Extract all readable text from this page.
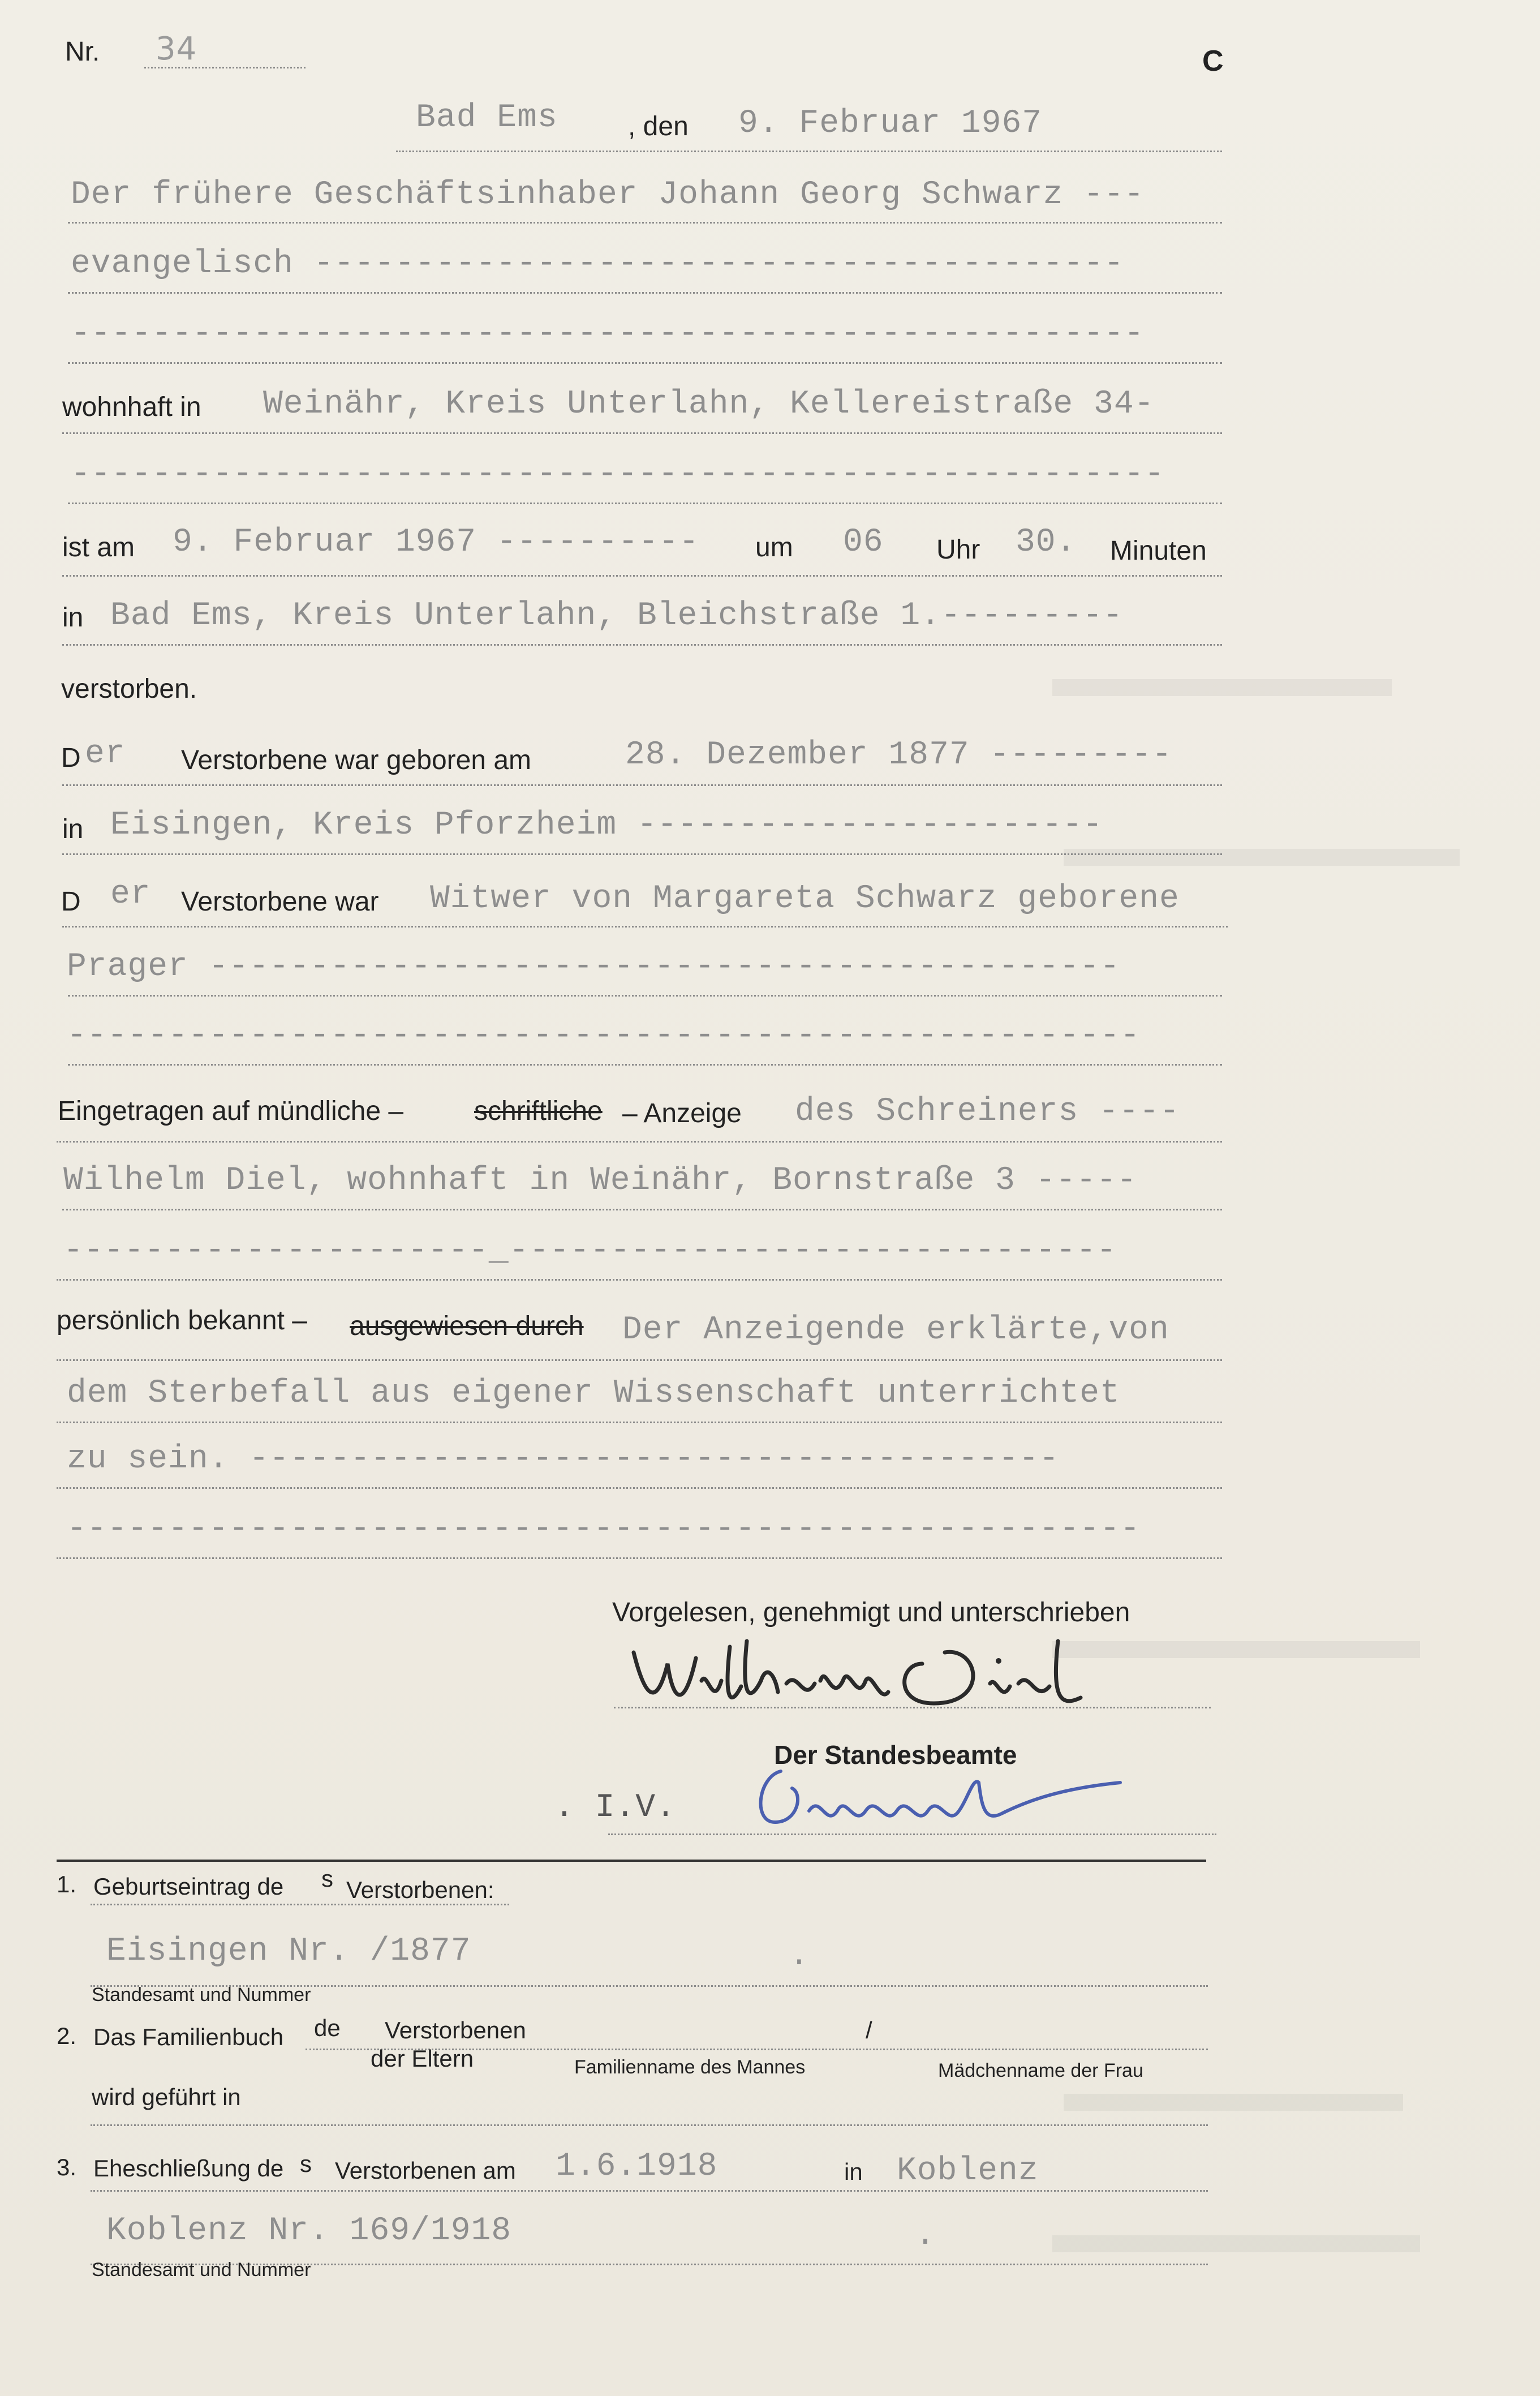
Nr. 34	C
Bad Ems	, den 9. Februar 1967
Der frühere Geschäftsinhaber Johann Georg Schwarz ---
evangelisch ----------------------------------------
-----------------------------------------------------
wohnhaft in Weinähr, Kreis Unterlahn, Kellereistraße 34-
------------------------------------------------------
ist am 9. Februar 1967 ---------- um 06 Uhr 30. Minuten
in Bad Ems, Kreis Unterlahn, Bleichstraße 1.---------
verstorben.
D er Verstorbene war geboren am	28. Dezember 1877 ---------
in Eisingen, Kreis Pforzheim -----------------------
D er Verstorbene war Witwer von Margareta Schwarz geborene
Prager ---------------------------------------------
-----------------------------------------------------
Eingetragen auf mündliche –	schriftliche – Anzeige des Schreiners ----
Wilhelm Diel, wohnhaft in Weinähr, Bornstraße 3 -----
---------------------_------------------------------
persönlich bekannt – ausgewiesen durch Der Anzeigende erklärte,von
dem Sterbefall aus eigener Wissenschaft unterrichtet
zu sein. ----------------------------------------
-----------------------------------------------------
Vorgelesen, genehmigt und unterschrieben
Der Standesbeamte
. I.V.
1. Geburtseintrag de s Verstorbenen:
Eisingen Nr. /1877	.
Standesamt und Nummer
2. Das Familienbuch de Verstorbenen	/
der Eltern	Familienname des Mannes	Mädchenname der Frau
wird geführt in
3. Eheschließung de s Verstorbenen am 1.6.1918	in Koblenz
Koblenz Nr. 169/1918	.
Standesamt und Nummer
